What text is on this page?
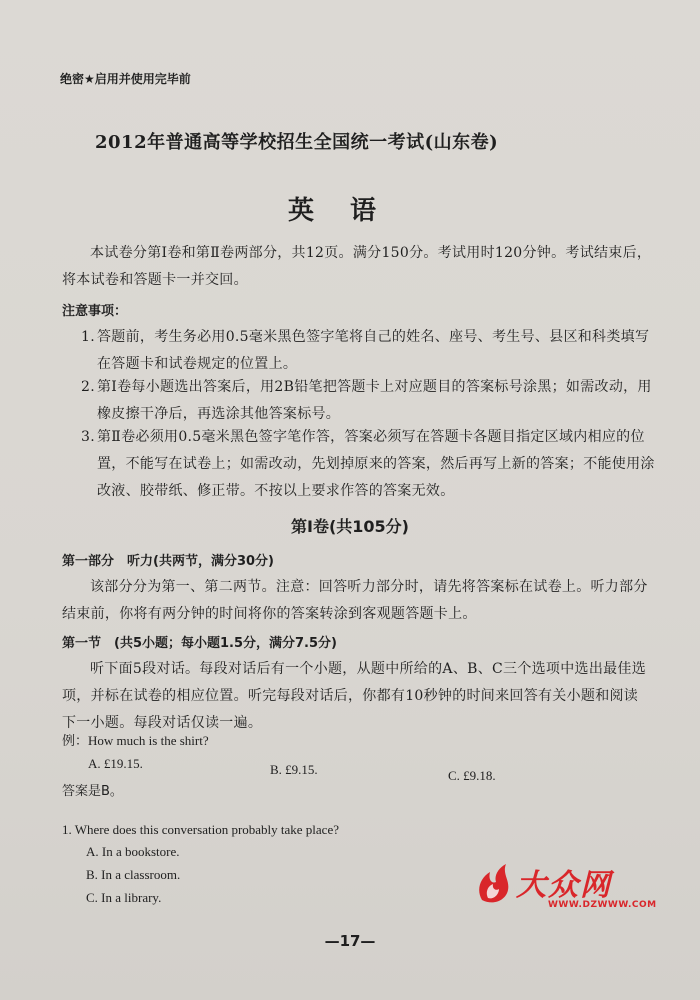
绝密★启用并使用完毕前
2012年普通高等学校招生全国统一考试(山东卷)
英语
本试卷分第Ⅰ卷和第Ⅱ卷两部分，共12页。满分150分。考试用时120分钟。考试结束后，将本试卷和答题卡一并交回。
注意事项：
1. 答题前，考生务必用0.5毫米黑色签字笔将自己的姓名、座号、考生号、县区和科类填写在答题卡和试卷规定的位置上。
2. 第Ⅰ卷每小题选出答案后，用2B铅笔把答题卡上对应题目的答案标号涂黑；如需改动，用橡皮擦干净后，再选涂其他答案标号。
3. 第Ⅱ卷必须用0.5毫米黑色签字笔作答，答案必须写在答题卡各题目指定区域内相应的位置，不能写在试卷上；如需改动，先划掉原来的答案，然后再写上新的答案；不能使用涂改液、胶带纸、修正带。不按以上要求作答的答案无效。
第Ⅰ卷(共105分)
第一部分　听力(共两节，满分30分)
该部分分为第一、第二两节。注意：回答听力部分时，请先将答案标在试卷上。听力部分结束前，你将有两分钟的时间将你的答案转涂到客观题答题卡上。
第一节　(共5小题；每小题1.5分，满分7.5分)
听下面5段对话。每段对话后有一个小题，从题中所给的A、B、C三个选项中选出最佳选项，并标在试卷的相应位置。听完每段对话后，你都有10秒钟的时间来回答有关小题和阅读下一小题。每段对话仅读一遍。
例：How much is the shirt?
A. £19.15.	B. £9.15.	C. £9.18.
答案是B。
1. Where does this conversation probably take place?
A. In a bookstore.
B. In a classroom.
C. In a library.
—17—
大众网
WWW.DZWWW.COM
